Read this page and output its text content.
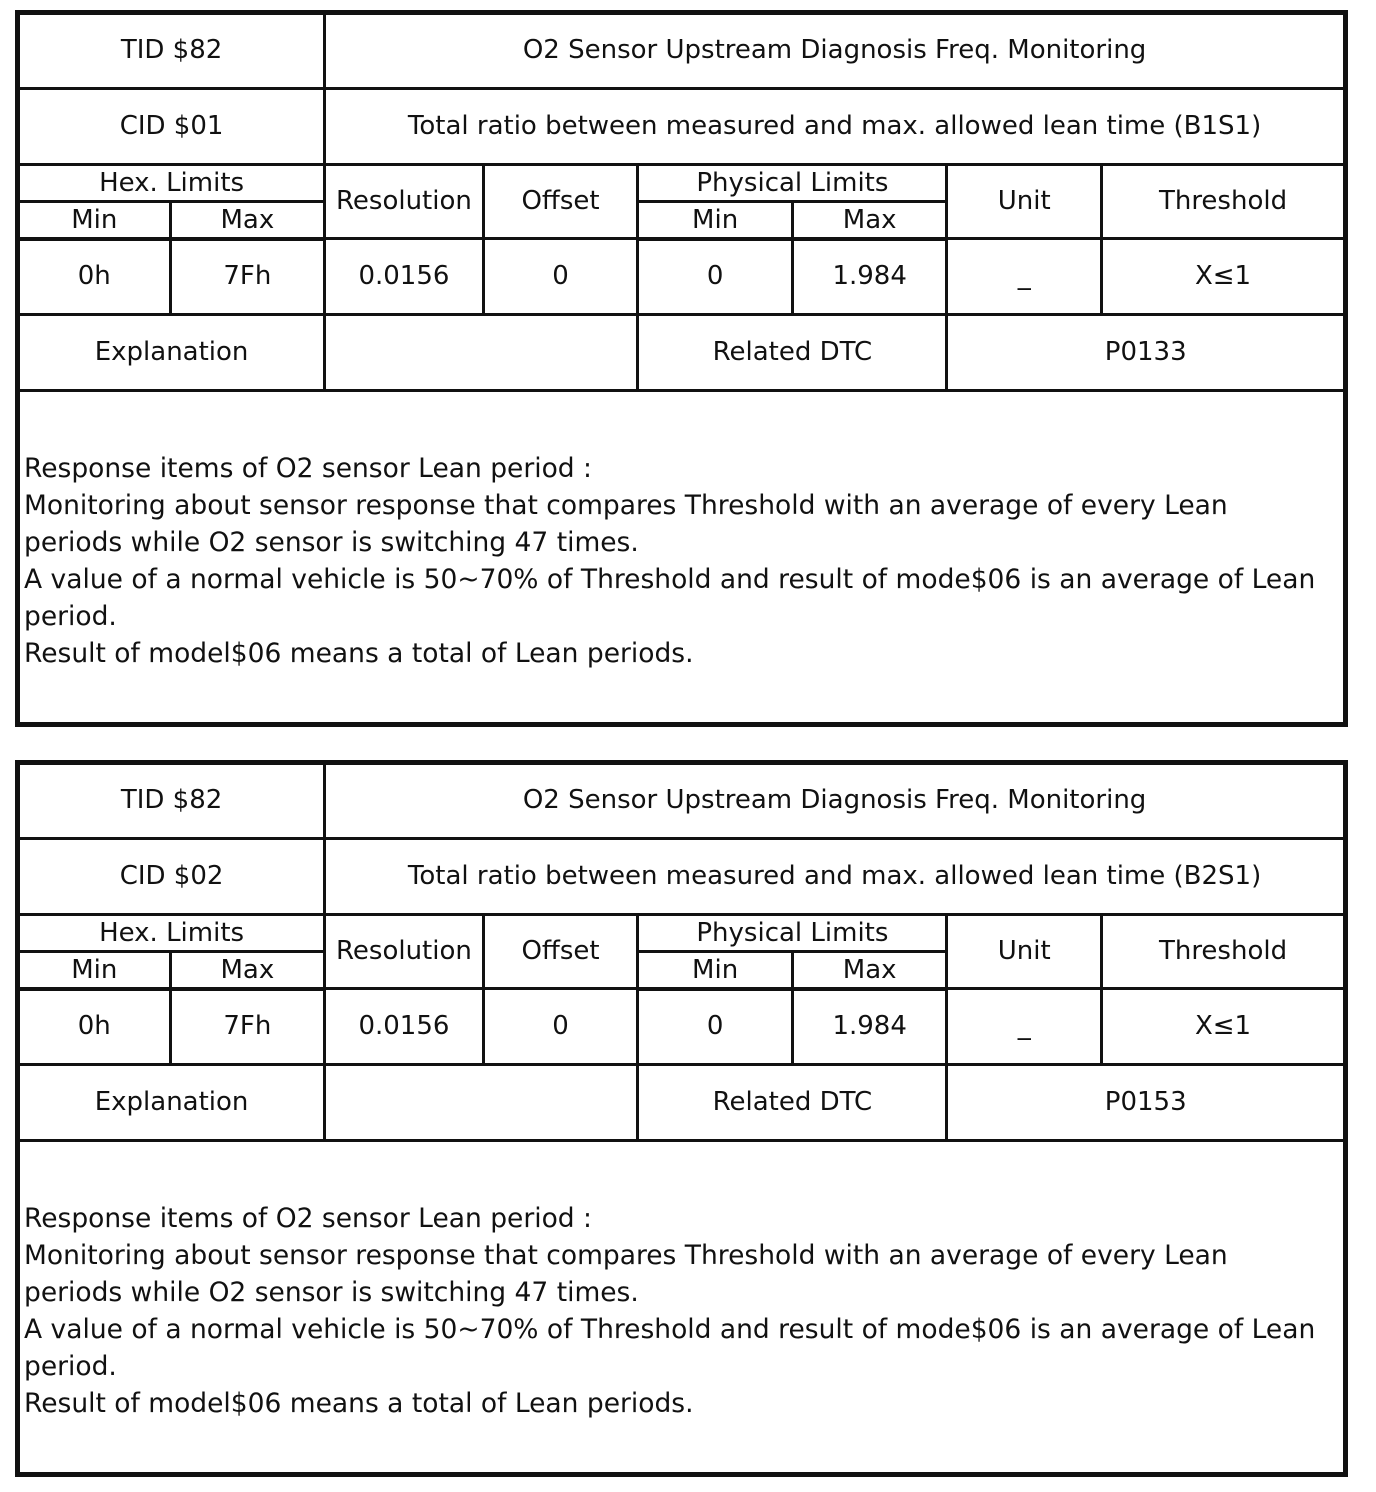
TID $82		O2 Sensor Upstream Diagnosis Freq. Monitoring					
CID $01		Total ratio between measured and max. allowed lean time (B1S1)					
Hex. Limits		Resolution	Offset	Physical Limits		Unit	Threshold
Min	Max			Min	Max		
0h	7Fh	0.0156	0	0	1.984	_	X≤1
Explanation				Related DTC		P0133	

Response items of O2 sensor Lean period :

Monitoring about sensor response that compares Threshold with an average of every Lean periods while O2 sensor is switching 47 times.

A value of a normal vehicle is 50~70% of Threshold and result of mode$06 is an average of Lean period.

Result of model$06 means a total of Lean periods.							

TID $82		O2 Sensor Upstream Diagnosis Freq. Monitoring					
CID $02		Total ratio between measured and max. allowed lean time (B2S1)					
Hex. Limits		Resolution	Offset	Physical Limits		Unit	Threshold
Min	Max			Min	Max		
0h	7Fh	0.0156	0	0	1.984	_	X≤1
Explanation				Related DTC		P0153	

Response items of O2 sensor Lean period :

Monitoring about sensor response that compares Threshold with an average of every Lean periods while O2 sensor is switching 47 times.

A value of a normal vehicle is 50~70% of Threshold and result of mode$06 is an average of Lean period.

Result of model$06 means a total of Lean periods.							
